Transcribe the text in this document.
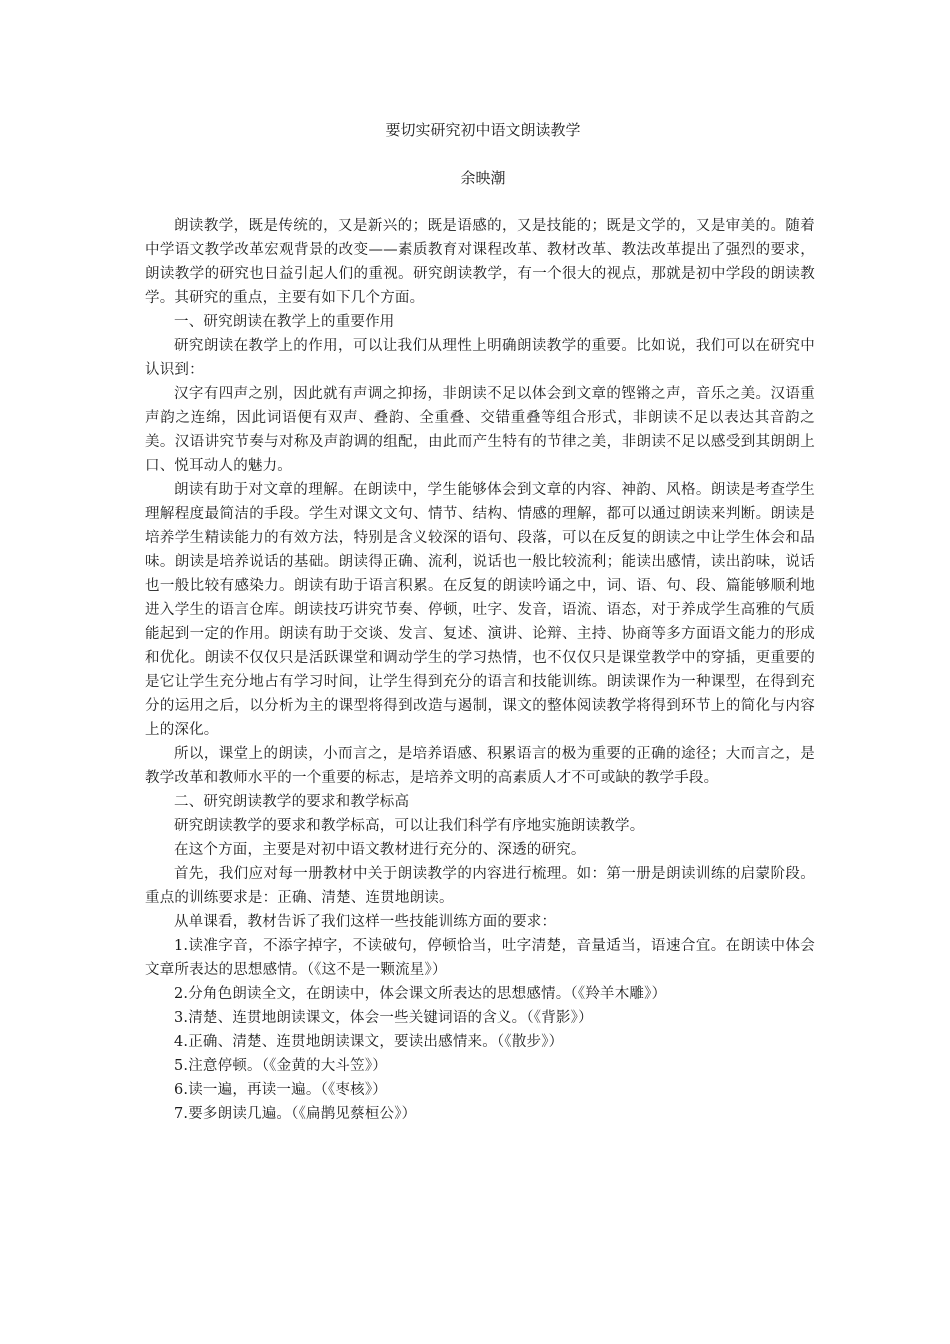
要切实研究初中语文朗读教学
余映潮

朗读教学，既是传统的，又是新兴的；既是语感的，又是技能的；既是文学的，又是审美的。随着中学语文教学改革宏观背景的改变——素质教育对课程改革、教材改革、教法改革提出了强烈的要求，朗读教学的研究也日益引起人们的重视。研究朗读教学，有一个很大的视点，那就是初中学段的朗读教学。其研究的重点，主要有如下几个方面。

一、研究朗读在教学上的重要作用

研究朗读在教学上的作用，可以让我们从理性上明确朗读教学的重要。比如说，我们可以在研究中认识到：

汉字有四声之别，因此就有声调之抑扬，非朗读不足以体会到文章的铿锵之声，音乐之美。汉语重声韵之连绵，因此词语便有双声、叠韵、全重叠、交错重叠等组合形式，非朗读不足以表达其音韵之美。汉语讲究节奏与对称及声韵调的组配，由此而产生特有的节律之美，非朗读不足以感受到其朗朗上口、悦耳动人的魅力。

朗读有助于对文章的理解。在朗读中，学生能够体会到文章的内容、神韵、风格。朗读是考查学生理解程度最简洁的手段。学生对课文文句、情节、结构、情感的理解，都可以通过朗读来判断。朗读是培养学生精读能力的有效方法，特别是含义较深的语句、段落，可以在反复的朗读之中让学生体会和品味。朗读是培养说话的基础。朗读得正确、流利，说话也一般比较流利；能读出感情，读出韵味，说话也一般比较有感染力。朗读有助于语言积累。在反复的朗读吟诵之中，词、语、句、段、篇能够顺利地进入学生的语言仓库。朗读技巧讲究节奏、停顿，吐字、发音，语流、语态，对于养成学生高雅的气质能起到一定的作用。朗读有助于交谈、发言、复述、演讲、论辩、主持、协商等多方面语文能力的形成和优化。朗读不仅仅只是活跃课堂和调动学生的学习热情，也不仅仅只是课堂教学中的穿插，更重要的是它让学生充分地占有学习时间，让学生得到充分的语言和技能训练。朗读课作为一种课型，在得到充分的运用之后，以分析为主的课型将得到改造与遏制，课文的整体阅读教学将得到环节上的简化与内容上的深化。

所以，课堂上的朗读，小而言之，是培养语感、积累语言的极为重要的正确的途径；大而言之，是教学改革和教师水平的一个重要的标志，是培养文明的高素质人才不可或缺的教学手段。

二、研究朗读教学的要求和教学标高

研究朗读教学的要求和教学标高，可以让我们科学有序地实施朗读教学。

在这个方面，主要是对初中语文教材进行充分的、深透的研究。

首先，我们应对每一册教材中关于朗读教学的内容进行梳理。如：第一册是朗读训练的启蒙阶段。重点的训练要求是：正确、清楚、连贯地朗读。

从单课看，教材告诉了我们这样一些技能训练方面的要求：

1.读准字音，不添字掉字，不读破句，停顿恰当，吐字清楚，音量适当，语速合宜。在朗读中体会文章所表达的思想感情。（《这不是一颗流星》）

2.分角色朗读全文，在朗读中，体会课文所表达的思想感情。（《羚羊木雕》）

3.清楚、连贯地朗读课文，体会一些关键词语的含义。（《背影》）

4.正确、清楚、连贯地朗读课文，要读出感情来。（《散步》）

5.注意停顿。（《金黄的大斗笠》）

6.读一遍，再读一遍。（《枣核》）

7.要多朗读几遍。（《扁鹊见蔡桓公》）
